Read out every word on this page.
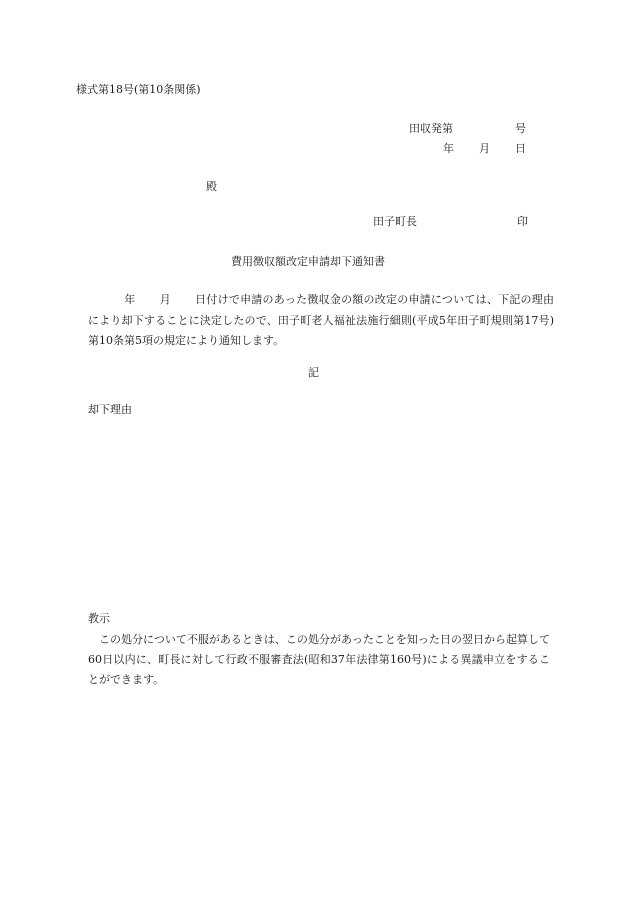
様式第18号(第10条関係)
田収発第	号
年 月 日
殿
田子町長	印
費用徴収額改定申請却下通知書
年 月 日付けで申請のあった徴収金の額の改定の申請については、下記の理由により却下することに決定したので、田子町老人福祉法施行細則(平成5年田子町規則第17号)第10条第5項の規定により通知します。
記
却下理由
教示
この処分について不服があるときは、この処分があったことを知った日の翌日から起算して60日以内に、町長に対して行政不服審査法(昭和37年法律第160号)による異議申立をすることができます。
